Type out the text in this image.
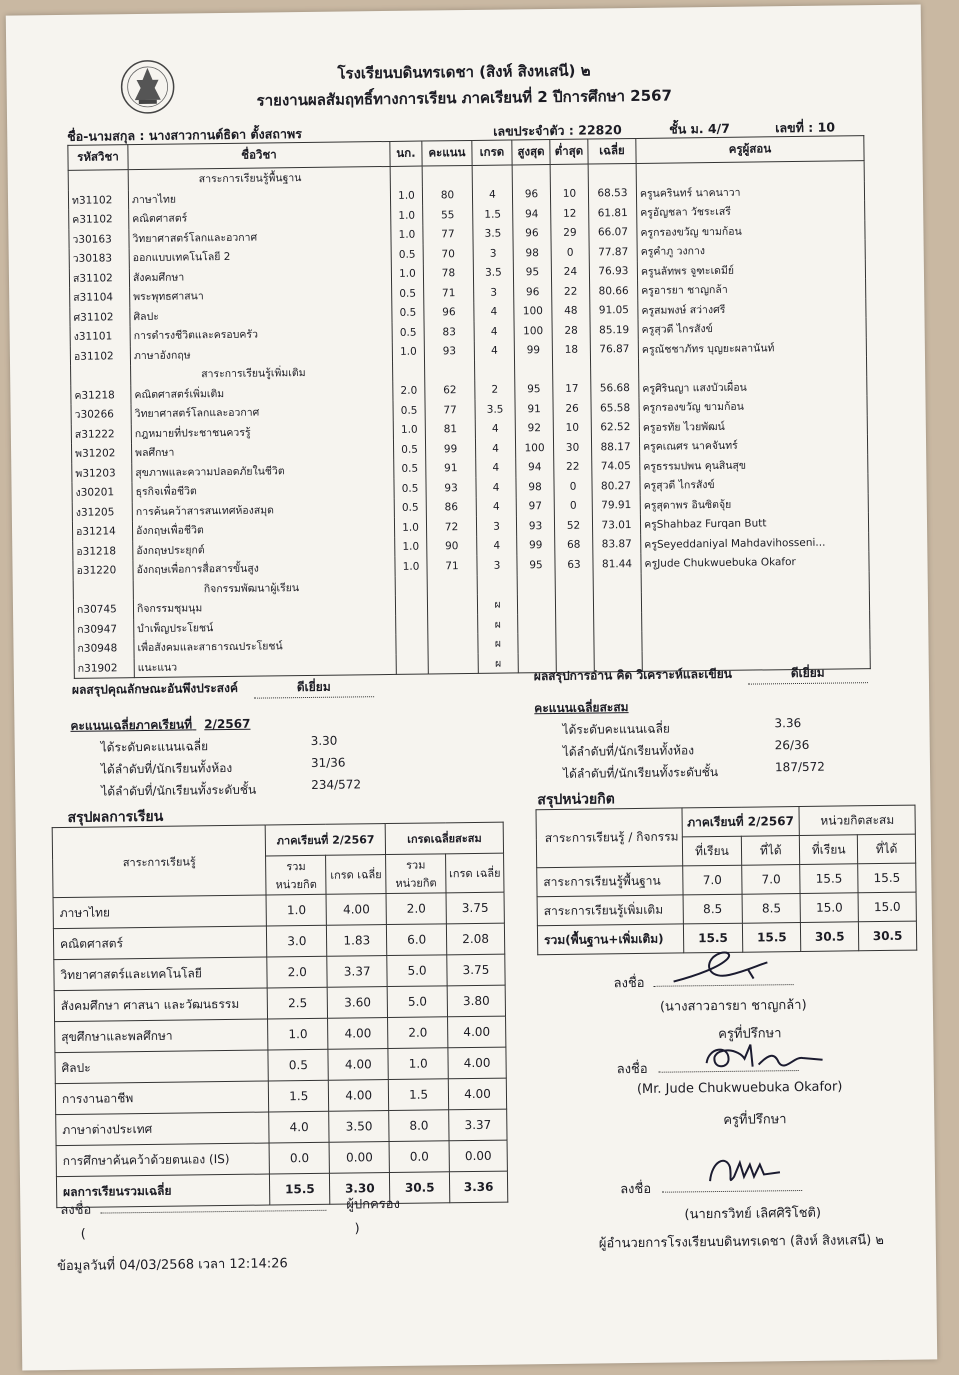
โรงเรียนบดินทรเดชา (สิงห์ สิงหเสนี) ๒
รายงานผลสัมฤทธิ์ทางการเรียน ภาคเรียนที่ 2 ปีการศึกษา 2567
ชื่อ-นามสกุล : นางสาวกานต์ธิดา ตั้งสถาพร	เลขประจำตัว : 22820	ชั้น ม. 4/7	เลขที่ : 10
รหัสวิชา	ชื่อวิชา	นก.	คะแนน	เกรด	สูงสุด	ต่ำสุด	เฉลี่ย	ครูผู้สอน
	สาระการเรียนรู้พื้นฐาน							
ท31102	ภาษาไทย	1.0	80	4	96	10	68.53	ครูนครินทร์ นาคนาวา
ค31102	คณิตศาสตร์	1.0	55	1.5	94	12	61.81	ครูอัญชลา วัชระเสรี
ว30163	วิทยาศาสตร์โลกและอวกาศ	1.0	77	3.5	96	29	66.07	ครูกรองขวัญ ขามก้อน
ว30183	ออกแบบเทคโนโลยี 2	0.5	70	3	98	0	77.87	ครูคำภู วงกาง
ส31102	สังคมศึกษา	1.0	78	3.5	95	24	76.93	ครูนลัทพร จูฑะเดมีย์
ส31104	พระพุทธศาสนา	0.5	71	3	96	22	80.66	ครูอารยา ชาญกล้า
ศ31102	ศิลปะ	0.5	96	4	100	48	91.05	ครูสมพงษ์ สว่างศรี
ง31101	การดำรงชีวิตและครอบครัว	0.5	83	4	100	28	85.19	ครูสุวดี ไกรสังข์
อ31102	ภาษาอังกฤษ	1.0	93	4	99	18	76.87	ครูณัชชาภัทร บุญยะผลานันท์
	สาระการเรียนรู้เพิ่มเติม							
ค31218	คณิตศาสตร์เพิ่มเติม	2.0	62	2	95	17	56.68	ครูศิรินญา แสงบัวเผื่อน
ว30266	วิทยาศาสตร์โลกและอวกาศ	0.5	77	3.5	91	26	65.58	ครูกรองขวัญ ขามก้อน
ส31222	กฎหมายที่ประชาชนควรรู้	1.0	81	4	92	10	62.52	ครูอรทัย ไวยพัฒน์
พ31202	พลศึกษา	0.5	99	4	100	30	88.17	ครูคเณศร นาคจันทร์
พ31203	สุขภาพและความปลอดภัยในชีวิต	0.5	91	4	94	22	74.05	ครูธรรมปพน คุนสินสุข
ง30201	ธุรกิจเพื่อชีวิต	0.5	93	4	98	0	80.27	ครูสุวดี ไกรสังข์
ง31205	การค้นคว้าสารสนเทศห้องสมุด	0.5	86	4	97	0	79.91	ครูสุดาพร อินซิตจุ้ย
อ31214	อังกฤษเพื่อชีวิต	1.0	72	3	93	52	73.01	ครูShahbaz Furqan Butt
อ31218	อังกฤษประยุกต์	1.0	90	4	99	68	83.87	ครูSeyeddaniyal Mahdavihosseni...
อ31220	อังกฤษเพื่อการสื่อสารขั้นสูง	1.0	71	3	95	63	81.44	ครูJude Chukwuebuka Okafor
	กิจกรรมพัฒนาผู้เรียน							
ก30745	กิจกรรมชุมนุม			ผ				
ก30947	บำเพ็ญประโยชน์			ผ				
ก30948	เพื่อสังคมและสาธารณประโยชน์			ผ				
ก31902	แนะแนว			ผ				
ผลสรุปคุณลักษณะอันพึงประสงค์	ดีเยี่ยม
ผลสรุปการอ่าน คิด วิเคราะห์และเขียน	ดีเยี่ยม
คะแนนเฉลี่ยภาคเรียนที่ 2/2567
ได้ระดับคะแนนเฉลี่ย	3.30
ได้ลำดับที่/นักเรียนทั้งห้อง	31/36
ได้ลำดับที่/นักเรียนทั้งระดับชั้น	234/572
คะแนนเฉลี่ยสะสม
ได้ระดับคะแนนเฉลี่ย	3.36
ได้ลำดับที่/นักเรียนทั้งห้อง	26/36
ได้ลำดับที่/นักเรียนทั้งระดับชั้น	187/572
สรุปผลการเรียน
สาระการเรียนรู้	ภาคเรียนที่ 2/2567		เกรดเฉลี่ยสะสม	
	รวม หน่วยกิต	เกรด เฉลี่ย	รวม หน่วยกิต	เกรด เฉลี่ย
ภาษาไทย	1.0	4.00	2.0	3.75
คณิตศาสตร์	3.0	1.83	6.0	2.08
วิทยาศาสตร์และเทคโนโลยี	2.0	3.37	5.0	3.75
สังคมศึกษา ศาสนา และวัฒนธรรม	2.5	3.60	5.0	3.80
สุขศึกษาและพลศึกษา	1.0	4.00	2.0	4.00
ศิลปะ	0.5	4.00	1.0	4.00
การงานอาชีพ	1.5	4.00	1.5	4.00
ภาษาต่างประเทศ	4.0	3.50	8.0	3.37
การศึกษาค้นคว้าด้วยตนเอง (IS)	0.0	0.00	0.0	0.00
ผลการเรียนรวมเฉลี่ย	15.5	3.30	30.5	3.36
สรุปหน่วยกิต
สาระการเรียนรู้ / กิจกรรม	ภาคเรียนที่ 2/2567		หน่วยกิตสะสม	
	ที่เรียน	ที่ได้	ที่เรียน	ที่ได้
สาระการเรียนรู้พื้นฐาน	7.0	7.0	15.5	15.5
สาระการเรียนรู้เพิ่มเติม	8.5	8.5	15.0	15.0
รวม(พื้นฐาน+เพิ่มเติม)	15.5	15.5	30.5	30.5
ลงชื่อ
(นางสาวอารยา ชาญกล้า)
ครูที่ปรึกษา
ลงชื่อ
(Mr. Jude Chukwuebuka Okafor)
ครูที่ปรึกษา
ลงชื่อ
(นายกรวิทย์ เลิศศิริโชติ)
ผู้อำนวยการโรงเรียนบดินทรเดชา (สิงห์ สิงหเสนี) ๒
ลงชื่อ	ผู้ปกครอง
(	)
ข้อมูลวันที่ 04/03/2568 เวลา 12:14:26
